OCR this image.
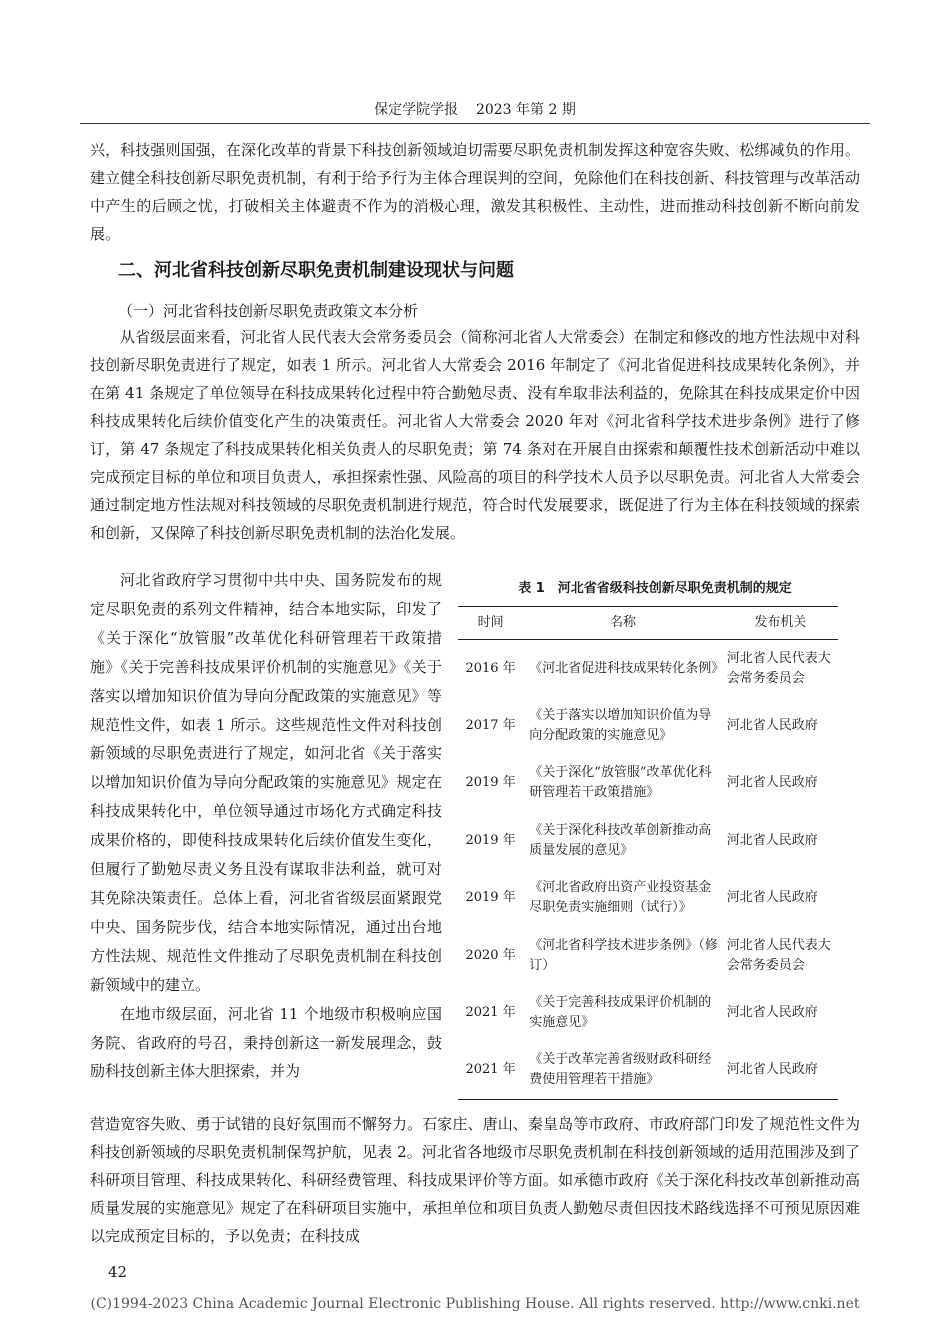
保定学院学报 2023 年第 2 期

兴，科技强则国强，在深化改革的背景下科技创新领域迫切需要尽职免责机制发挥这种宽容失败、松绑减负的作用。建立健全科技创新尽职免责机制，有利于给予行为主体合理误判的空间，免除他们在科技创新、科技管理与改革活动中产生的后顾之忧，打破相关主体避责不作为的消极心理，激发其积极性、主动性，进而推动科技创新不断向前发展。

二、河北省科技创新尽职免责机制建设现状与问题
（一）河北省科技创新尽职免责政策文本分析

从省级层面来看，河北省人民代表大会常务委员会（简称河北省人大常委会）在制定和修改的地方性法规中对科技创新尽职免责进行了规定，如表 1 所示。河北省人大常委会 2016 年制定了《河北省促进科技成果转化条例》，并在第 41 条规定了单位领导在科技成果转化过程中符合勤勉尽责、没有牟取非法利益的，免除其在科技成果定价中因科技成果转化后续价值变化产生的决策责任。河北省人大常委会 2020 年对《河北省科学技术进步条例》进行了修订，第 47 条规定了科技成果转化相关负责人的尽职免责；第 74 条对在开展自由探索和颠覆性技术创新活动中难以完成预定目标的单位和项目负责人，承担探索性强、风险高的项目的科学技术人员予以尽职免责。河北省人大常委会通过制定地方性法规对科技领域的尽职免责机制进行规范，符合时代发展要求，既促进了行为主体在科技领域的探索和创新，又保障了科技创新尽职免责机制的法治化发展。

河北省政府学习贯彻中共中央、国务院发布的规定尽职免责的系列文件精神，结合本地实际，印发了《关于深化“放管服”改革优化科研管理若干政策措施》《关于完善科技成果评价机制的实施意见》《关于落实以增加知识价值为导向分配政策的实施意见》等规范性文件，如表 1 所示。这些规范性文件对科技创新领域的尽职免责进行了规定，如河北省《关于落实以增加知识价值为导向分配政策的实施意见》规定在科技成果转化中，单位领导通过市场化方式确定科技成果价格的，即使科技成果转化后续价值发生变化，但履行了勤勉尽责义务且没有谋取非法利益，就可对其免除决策责任。总体上看，河北省省级层面紧跟党中央、国务院步伐，结合本地实际情况，通过出台地方性法规、规范性文件推动了尽职免责机制在科技创新领域中的建立。

在地市级层面，河北省 11 个地级市积极响应国务院、省政府的号召，秉持创新这一新发展理念，鼓励科技创新主体大胆探索，并为

表 1　河北省省级科技创新尽职免责机制的规定
时间	名称	发布机关
2016 年	《河北省促进科技成果转化条例》	河北省人民代表大会常务委员会
2017 年	《关于落实以增加知识价值为导向分配政策的实施意见》	河北省人民政府
2019 年	《关于深化“放管服”改革优化科研管理若干政策措施》	河北省人民政府
2019 年	《关于深化科技改革创新推动高质量发展的意见》	河北省人民政府
2019 年	《河北省政府出资产业投资基金尽职免责实施细则（试行）》	河北省人民政府
2020 年	《河北省科学技术进步条例》（修订）	河北省人民代表大会常务委员会
2021 年	《关于完善科技成果评价机制的实施意见》	河北省人民政府
2021 年	《关于改革完善省级财政科研经费使用管理若干措施》	河北省人民政府

营造宽容失败、勇于试错的良好氛围而不懈努力。石家庄、唐山、秦皇岛等市政府、市政府部门印发了规范性文件为科技创新领域的尽职免责机制保驾护航，见表 2。河北省各地级市尽职免责机制在科技创新领域的适用范围涉及到了科研项目管理、科技成果转化、科研经费管理、科技成果评价等方面。如承德市政府《关于深化科技改革创新推动高质量发展的实施意见》规定了在科研项目实施中，承担单位和项目负责人勤勉尽责但因技术路线选择不可预见原因难以完成预定目标的，予以免责；在科技成

42
(C)1994-2023 China Academic Journal Electronic Publishing House. All rights reserved. http://www.cnki.net
